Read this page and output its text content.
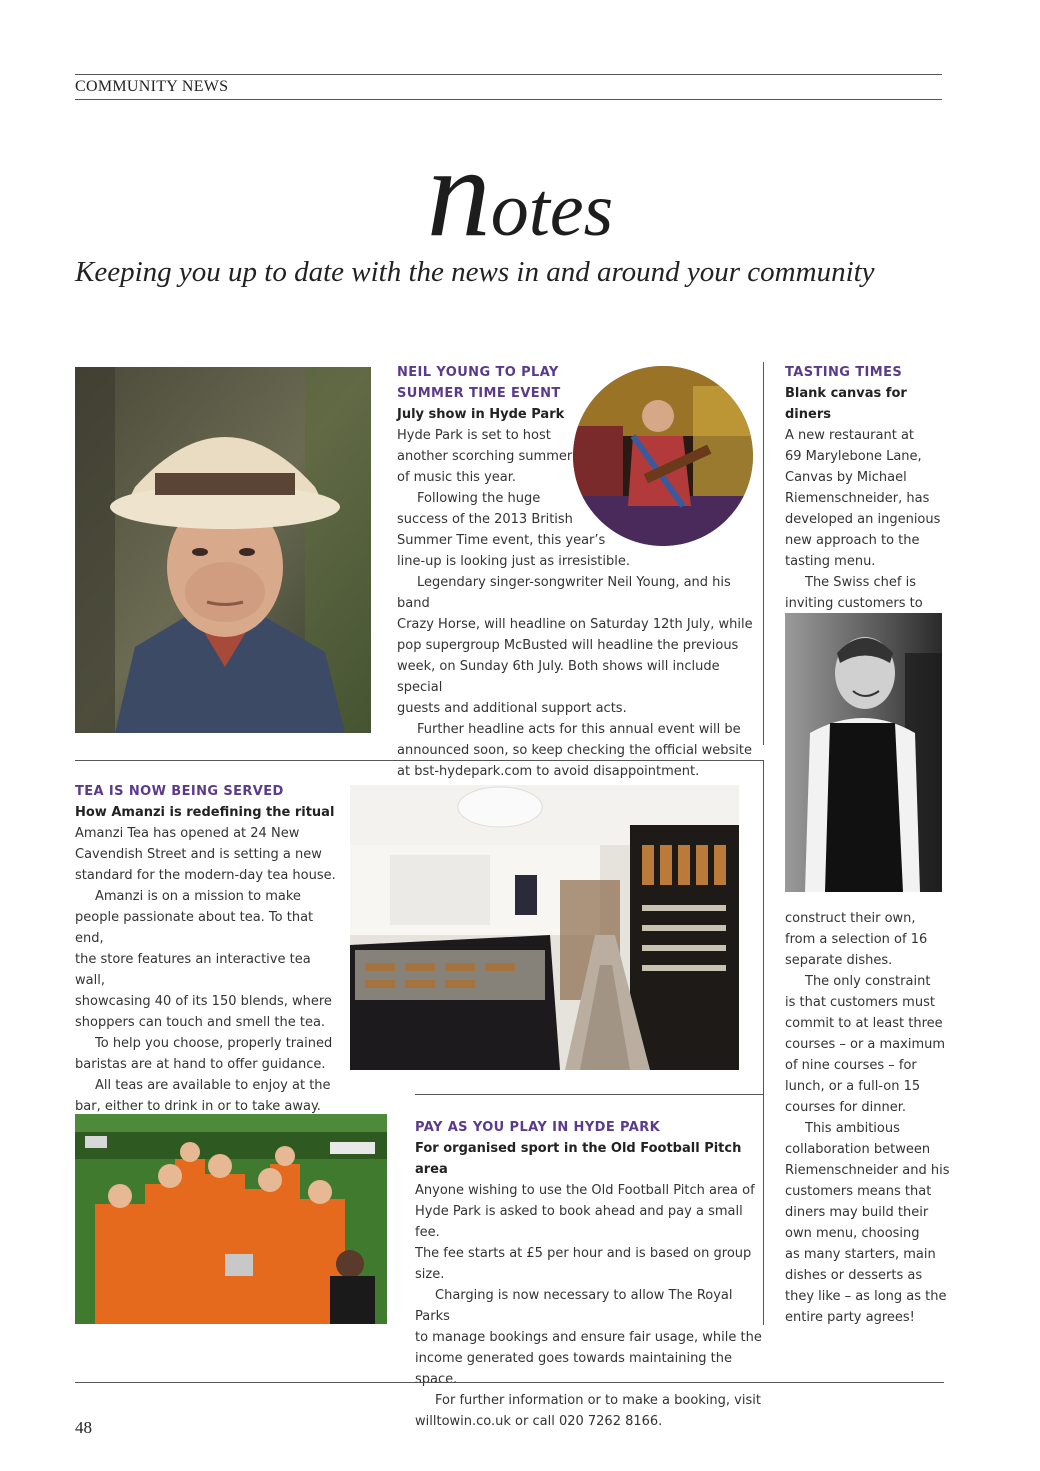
COMMUNITY NEWS
notes
Keeping you up to date with the news in and around your community
NEIL YOUNG TO PLAY
SUMMER TIME EVENT

July show in Hyde Park

Hyde Park is set to host

another scorching summer

of music this year.

Following the huge

success of the 2013 British

Summer Time event, this year’s

line-up is looking just as irresistible.

Legendary singer-songwriter Neil Young, and his band

Crazy Horse, will headline on Saturday 12th July, while

pop supergroup McBusted will headline the previous

week, on Sunday 6th July. Both shows will include special

guests and additional support acts.

Further headline acts for this annual event will be

announced soon, so keep checking the official website

at bst-hydepark.com to avoid disappointment.

TASTING TIMES

Blank canvas for diners

A new restaurant at

69 Marylebone Lane,

Canvas by Michael

Riemenschneider, has

developed an ingenious

new approach to the

tasting menu.

The Swiss chef is

inviting customers to

construct their own,

from a selection of 16

separate dishes.

The only constraint

is that customers must

commit to at least three

courses – or a maximum

of nine courses – for

lunch, or a full-on 15

courses for dinner.

This ambitious

collaboration between

Riemenschneider and his

customers means that

diners may build their

own menu, choosing

as many starters, main

dishes or desserts as

they like – as long as the

entire party agrees!

TEA IS NOW BEING SERVED

How Amanzi is redefining the ritual

Amanzi Tea has opened at 24 New

Cavendish Street and is setting a new

standard for the modern-day tea house.

Amanzi is on a mission to make

people passionate about tea. To that end,

the store features an interactive tea wall,

showcasing 40 of its 150 blends, where

shoppers can touch and smell the tea.

To help you choose, properly trained

baristas are at hand to offer guidance.

All teas are available to enjoy at the

bar, either to drink in or to take away.

PAY AS YOU PLAY IN HYDE PARK

For organised sport in the Old Football Pitch area

Anyone wishing to use the Old Football Pitch area of

Hyde Park is asked to book ahead and pay a small fee.

The fee starts at £5 per hour and is based on group size.

Charging is now necessary to allow The Royal Parks

to manage bookings and ensure fair usage, while the

income generated goes towards maintaining the space.

For further information or to make a booking, visit

willtowin.co.uk or call 020 7262 8166.

48
